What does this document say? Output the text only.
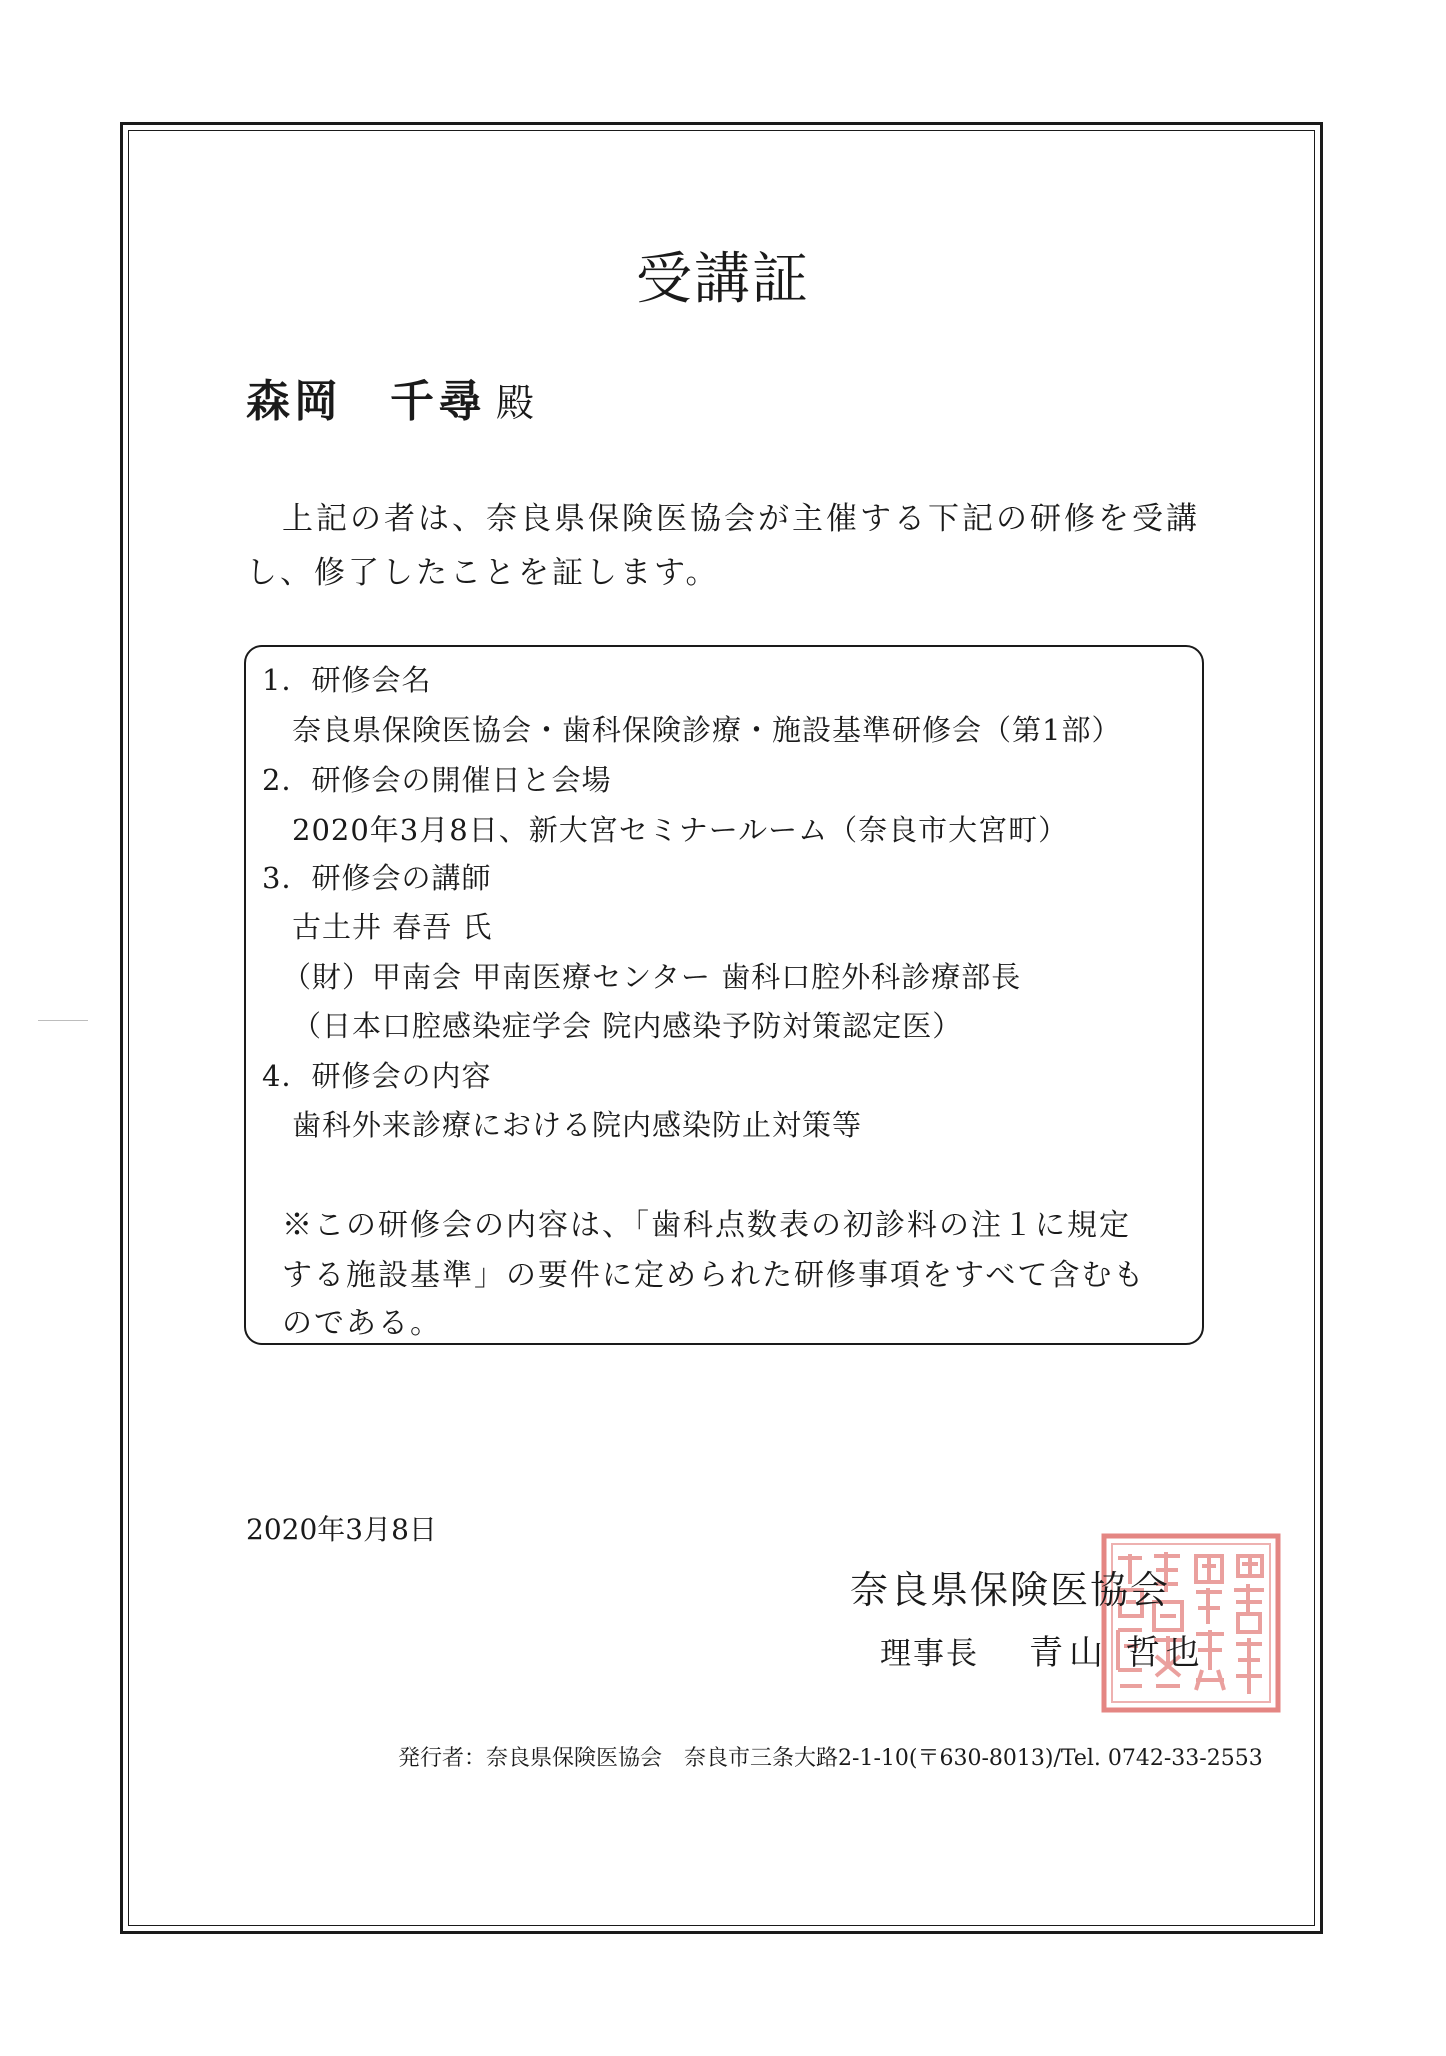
受講証
森岡　千尋 殿
上記の者は、奈良県保険医協会が主催する下記の研修を受講
し、修了したことを証します。
1．研修会名
奈良県保険医協会・歯科保険診療・施設基準研修会（第1部）
2．研修会の開催日と会場
2020年3月8日、新大宮セミナールーム（奈良市大宮町）
3．研修会の講師
古土井 春吾 氏
（財）甲南会 甲南医療センター 歯科口腔外科診療部長
（日本口腔感染症学会 院内感染予防対策認定医）
4．研修会の内容
歯科外来診療における院内感染防止対策等
※この研修会の内容は、「歯科点数表の初診料の注１に規定
する施設基準」の要件に定められた研修事項をすべて含むも
のである。
2020年3月8日
奈良県保険医協会
理事長 青山 哲也
発行者：奈良県保険医協会 奈良市三条大路2-1-10(〒630-8013)/Tel. 0742-33-2553
